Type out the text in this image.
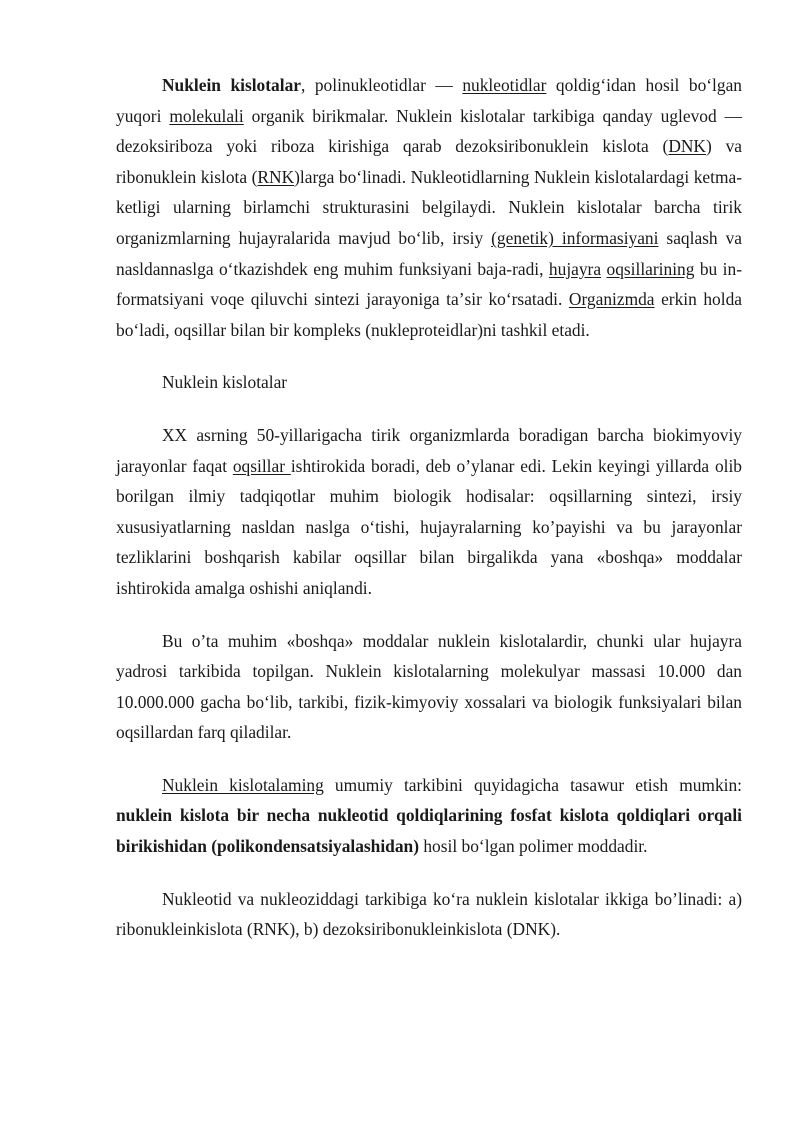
Nuklein kislotalar, polinukleotidlar — nukleotidlar qoldigʻidan hosil boʻlgan yuqori molekulali organik birikmalar. Nuklein kislotalar tarkibiga qanday uglevod — dezoksiriboza yoki riboza kirishiga qarab dezoksiribonuklein kislota (DNK) va ribonuklein kislota (RNK)larga boʻlinadi. Nukleotidlarning Nuklein kislotalardagi ketma-ketligi ularning birlamchi strukturasini belgilaydi. Nuklein kislotalar barcha tirik organizmlarning hujayralarida mavjud boʻlib, irsiy (genetik) informasiyani saqlash va nasldannaslga oʻtkazishdek eng muhim funksiyani baja-radi, hujayra oqsillarining bu in-formatsiyani voqe qiluvchi sintezi jarayoniga taʼsir koʻrsatadi. Organizmda erkin holda boʻladi, oqsillar bilan bir kompleks (nukleproteidlar)ni tashkil etadi.

Nuklein kislotalar

XX asrning 50-yillarigacha tirik organizmlarda boradigan barcha biokimyoviy jarayonlar faqat oqsillar ishtirokida boradi, deb o’ylanar edi. Lekin keyingi yillarda olib borilgan ilmiy tadqiqotlar muhim biologik hodisalar: oqsillarning sintezi, irsiy xususiyatlarning nasldan naslga oʻtishi, hujayralarning ko’payishi va bu jarayonlar tezliklarini boshqarish kabilar oqsillar bilan birgalikda yana «boshqa» moddalar ishtirokida amalga oshishi aniqlandi.

Bu o’ta muhim «boshqa» moddalar nuklein kislotalardir, chunki ular hujayra yadrosi tarkibida topilgan. Nuklein kislotalarning molekulyar massasi 10.000 dan 10.000.000 gacha boʻlib, tarkibi, fizik-kimyoviy xossalari va biologik funksiyalari bilan oqsillardan farq qiladilar.

Nuklein kislotalaming umumiy tarkibini quyidagicha tasawur etish mumkin: nuklein kislota bir necha nukleotid qoldiqlarining fosfat kislota qoldiqlari orqali birikishidan (polikondensatsiyalashidan) hosil boʻlgan polimer moddadir.

Nukleotid va nukleoziddagi tarkibiga koʻra nuklein kislotalar ikkiga bo’linadi: a) ribonukleinkislota (RNK), b) dezoksiribonukleinkislota (DNK).
